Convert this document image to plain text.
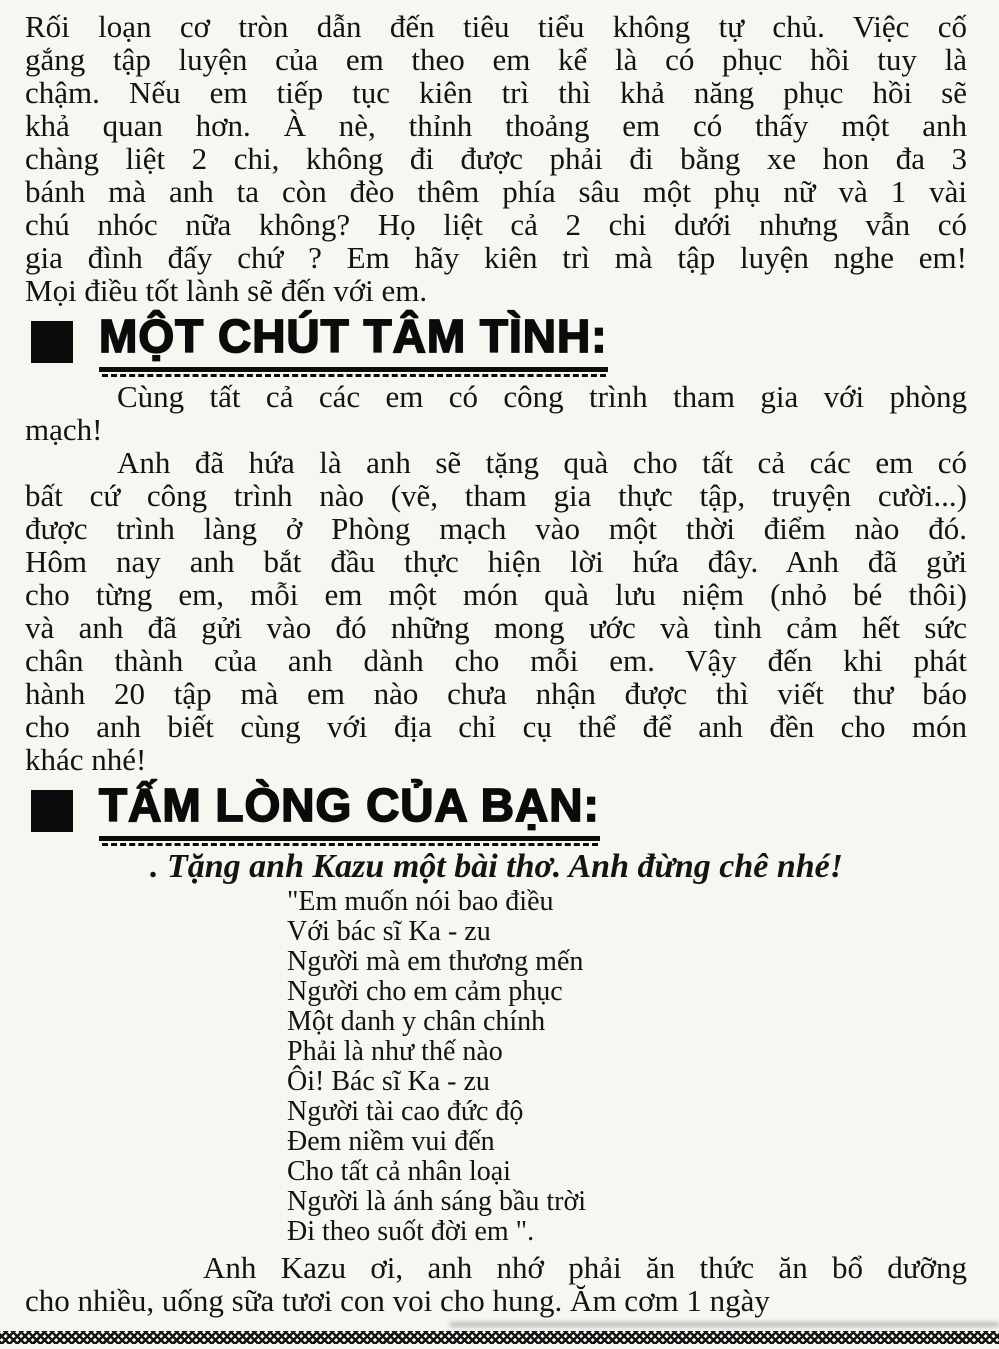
Rối loạn cơ tròn dẫn đến tiêu tiểu không tự chủ. Việc cố
gắng tập luyện của em theo em kể là có phục hồi tuy là
chậm. Nếu em tiếp tục kiên trì thì khả năng phục hồi sẽ
khả quan hơn. À nè, thỉnh thoảng em có thấy một anh
chàng liệt 2 chi, không đi được phải đi bằng xe hon đa 3
bánh mà anh ta còn đèo thêm phía sâu một phụ nữ và 1 vài
chú nhóc nữa không? Họ liệt cả 2 chi dưới nhưng vẫn có
gia đình đấy chứ ? Em hãy kiên trì mà tập luyện nghe em!
Mọi điều tốt lành sẽ đến với em.
MỘT CHÚT TÂM TÌNH:
Cùng tất cả các em có công trình tham gia với phòng
mạch!
Anh đã hứa là anh sẽ tặng quà cho tất cả các em có
bất cứ công trình nào (vẽ, tham gia thực tập, truyện cười...)
được trình làng ở Phòng mạch vào một thời điểm nào đó.
Hôm nay anh bắt đầu thực hiện lời hứa đây. Anh đã gửi
cho từng em, mỗi em một món quà lưu niệm (nhỏ bé thôi)
và anh đã gửi vào đó những mong ước và tình cảm hết sức
chân thành của anh dành cho mỗi em. Vậy đến khi phát
hành 20 tập mà em nào chưa nhận được thì viết thư báo
cho anh biết cùng với địa chỉ cụ thể để anh đền cho món
khác nhé!
TẤM LÒNG CỦA BẠN:
. Tặng anh Kazu một bài thơ. Anh đừng chê nhé!
"Em muốn nói bao điều
Với bác sĩ Ka - zu
Người mà em thương mến
Người cho em cảm phục
Một danh y chân chính
Phải là như thế nào
Ôi! Bác sĩ Ka - zu
Người tài cao đức độ
Đem niềm vui đến
Cho tất cả nhân loại
Người là ánh sáng bầu trời
Đi theo suốt đời em ".
Anh Kazu ơi, anh nhớ phải ăn thức ăn bổ dưỡng
cho nhiều, uống sữa tươi con voi cho hung. Ăm cơm 1 ngày
